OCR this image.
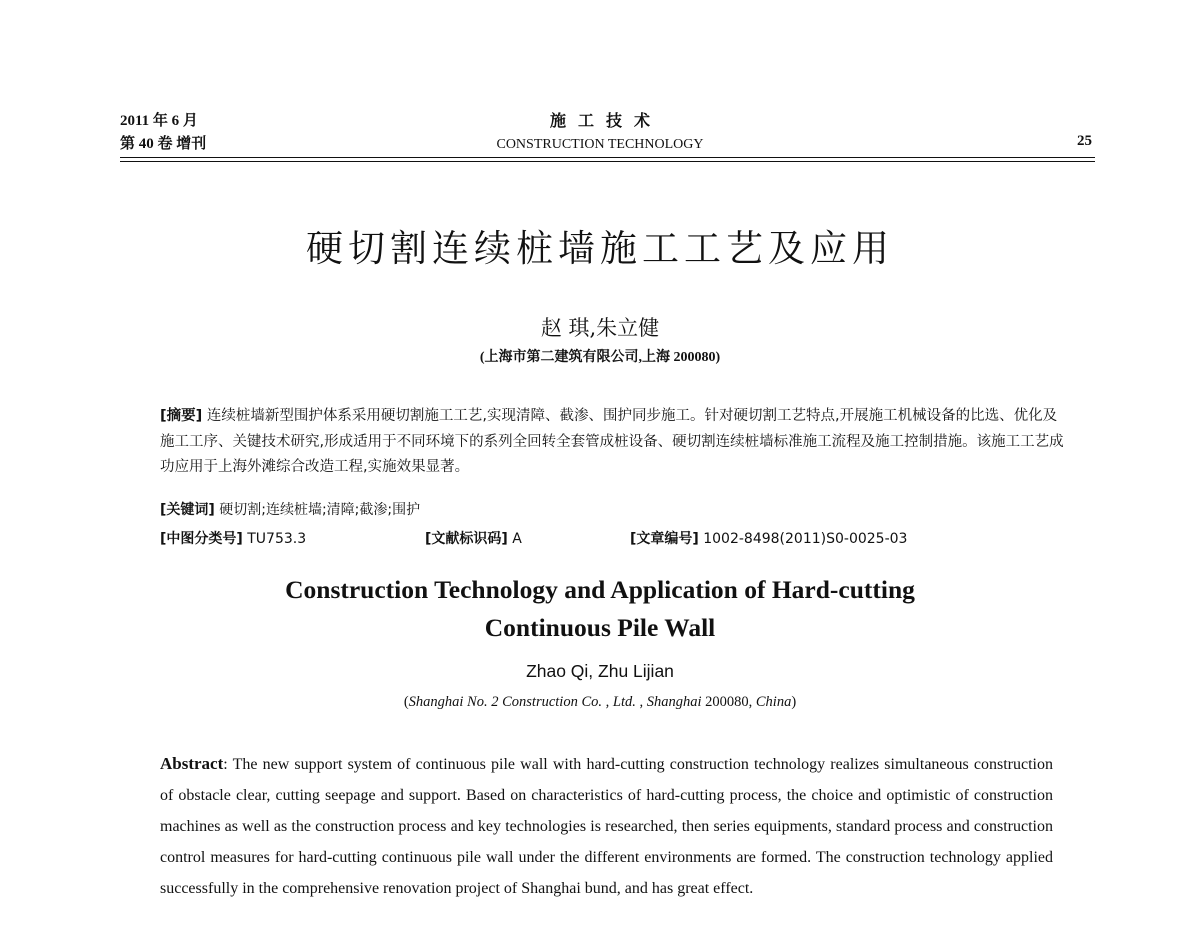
2011 年 6 月
第 40 卷 增刊
施工技术
CONSTRUCTION TECHNOLOGY	25
硬切割连续桩墙施工工艺及应用
赵 琪,朱立健
(上海市第二建筑有限公司,上海 200080)
[摘要] 连续桩墙新型围护体系采用硬切割施工工艺,实现清障、截渗、围护同步施工。针对硬切割工艺特点,开展施工机械设备的比选、优化及施工工序、关键技术研究,形成适用于不同环境下的系列全回转全套管成桩设备、硬切割连续桩墙标准施工流程及施工控制措施。该施工工艺成功应用于上海外滩综合改造工程,实施效果显著。
[关键词] 硬切割;连续桩墙;清障;截渗;围护
[中图分类号] TU753.3	[文献标识码] A	[文章编号] 1002-8498(2011)S0-0025-03
Construction Technology and Application of Hard-cutting
Continuous Pile Wall
Zhao Qi, Zhu Lijian
(Shanghai No. 2 Construction Co. , Ltd. , Shanghai 200080, China)
Abstract: The new support system of continuous pile wall with hard-cutting construction technology realizes simultaneous construction of obstacle clear, cutting seepage and support. Based on characteristics of hard-cutting process, the choice and optimistic of construction machines as well as the construction process and key technologies is researched, then series equipments, standard process and construction control measures for hard-cutting continuous pile wall under the different environments are formed. The construction technology applied successfully in the comprehensive renovation project of Shanghai bund, and has great effect.
